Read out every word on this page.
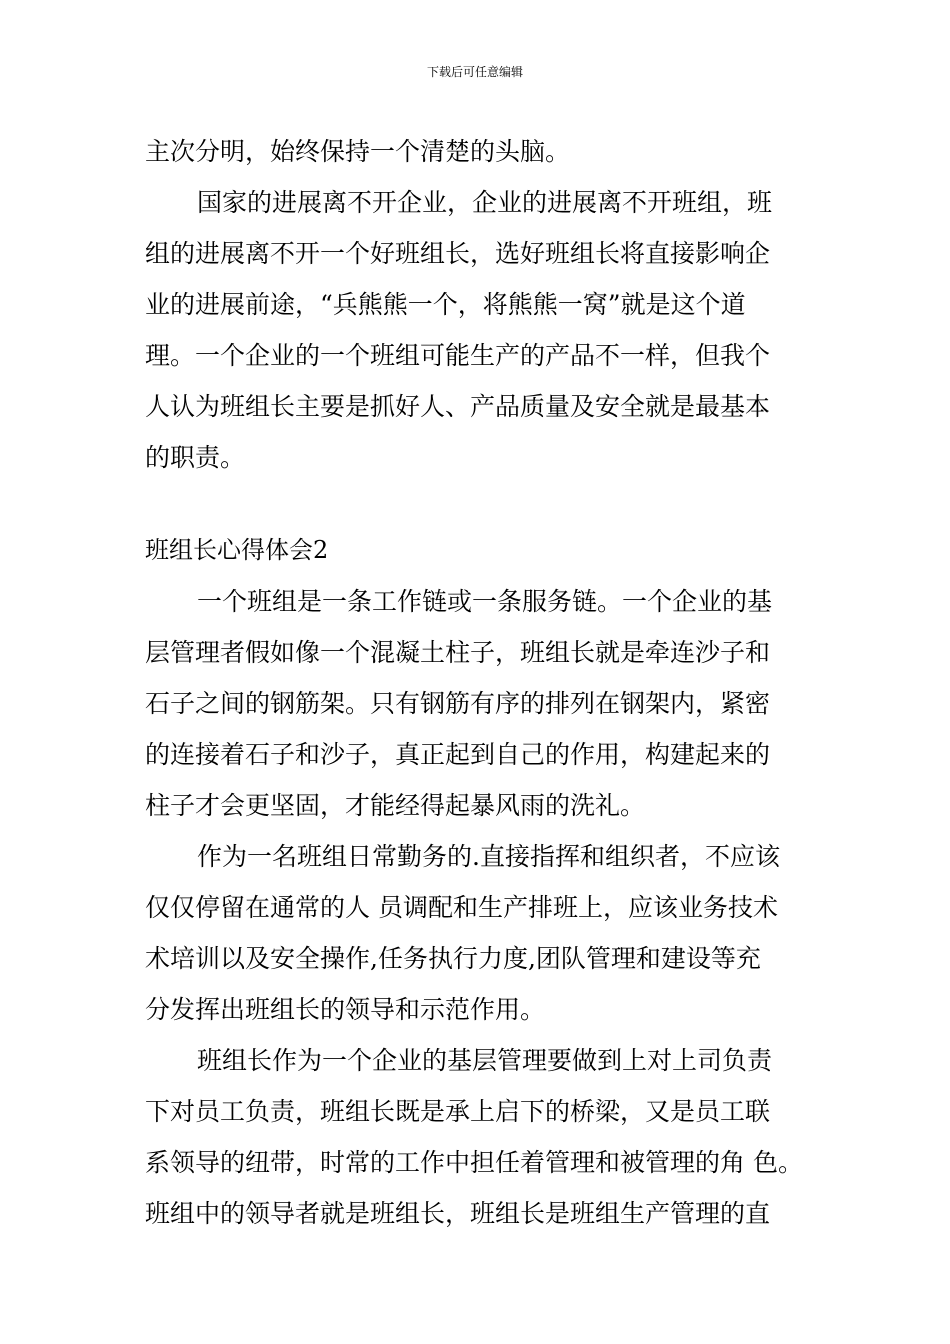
下载后可任意编辑
主次分明，始终保持一个清楚的头脑。
国家的进展离不开企业，企业的进展离不开班组，班
组的进展离不开一个好班组长，选好班组长将直接影响企
业的进展前途，“兵熊熊一个，将熊熊一窝”就是这个道
理。一个企业的一个班组可能生产的产品不一样，但我个
人认为班组长主要是抓好人、产品质量及安全就是最基本
的职责。
班组长心得体会2
一个班组是一条工作链或一条服务链。一个企业的基
层管理者假如像一个混凝土柱子，班组长就是牵连沙子和
石子之间的钢筋架。只有钢筋有序的排列在钢架内，紧密
的连接着石子和沙子，真正起到自己的作用，构建起来的
柱子才会更坚固，才能经得起暴风雨的洗礼。
作为一名班组日常勤务的.直接指挥和组织者，不应该
仅仅停留在通常的人 员调配和生产排班上，应该业务技术
术培训以及安全操作,任务执行力度,团队管理和建设等充
分发挥出班组长的领导和示范作用。
班组长作为一个企业的基层管理要做到上对上司负责
下对员工负责，班组长既是承上启下的桥梁，又是员工联
系领导的纽带，时常的工作中担任着管理和被管理的角 色。
班组中的领导者就是班组长，班组长是班组生产管理的直
